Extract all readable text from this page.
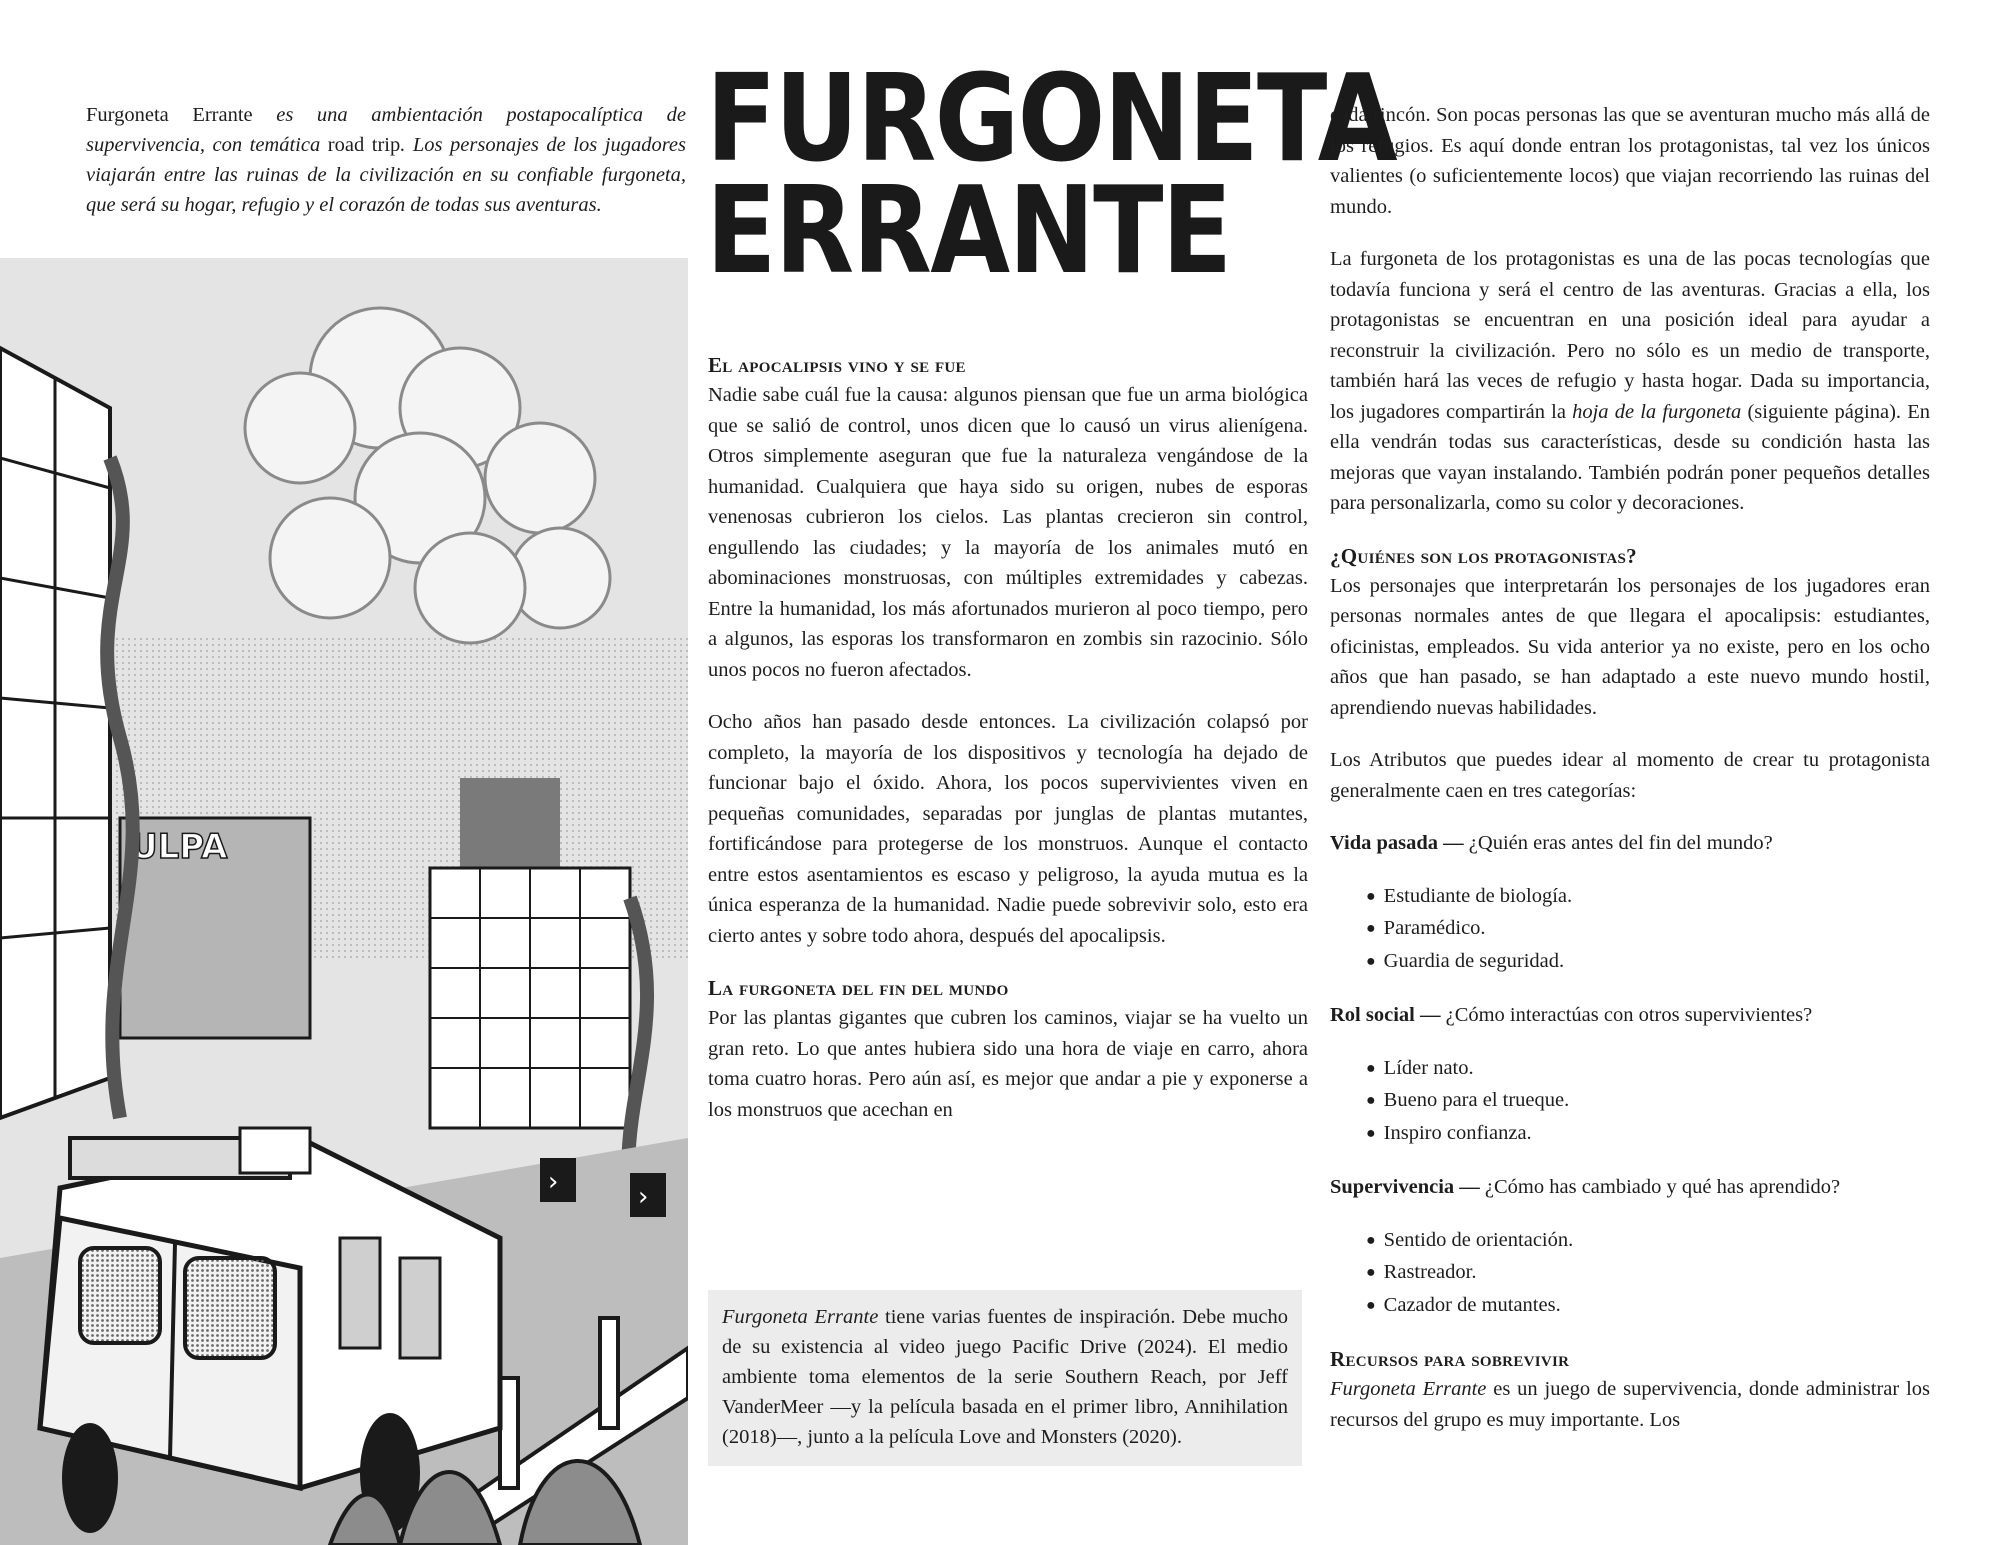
Furgoneta Errante es una ambientación postapocalíptica de supervivencia, con temática road trip. Los personajes de los jugadores viajarán entre las ruinas de la civilización en su confiable furgoneta, que será su hogar, refugio y el corazón de todas sus aventuras.
ULPA
›	›
FURGONETA
ERRANTE
El apocalipsis vino y se fue

Nadie sabe cuál fue la causa: algunos piensan que fue un arma biológica que se salió de control, unos dicen que lo causó un virus alienígena. Otros simplemente aseguran que fue la naturaleza vengándose de la humanidad. Cualquiera que haya sido su origen, nubes de esporas venenosas cubrieron los cielos. Las plantas crecieron sin control, engullendo las ciudades; y la mayoría de los animales mutó en abominaciones monstruosas, con múltiples extremidades y cabezas. Entre la humanidad, los más afortunados murieron al poco tiempo, pero a algunos, las esporas los transformaron en zombis sin razocinio. Sólo unos pocos no fueron afectados.

Ocho años han pasado desde entonces. La civilización colapsó por completo, la mayoría de los dispositivos y tecnología ha dejado de funcionar bajo el óxido. Ahora, los pocos supervivientes viven en pequeñas comunidades, separadas por junglas de plantas mutantes, fortificándose para protegerse de los monstruos. Aunque el contacto entre estos asentamientos es escaso y peligroso, la ayuda mutua es la única esperanza de la humanidad. Nadie puede sobrevivir solo, esto era cierto antes y sobre todo ahora, después del apocalipsis.

La furgoneta del fin del mundo

Por las plantas gigantes que cubren los caminos, viajar se ha vuelto un gran reto. Lo que antes hubiera sido una hora de viaje en carro, ahora toma cuatro horas. Pero aún así, es mejor que andar a pie y exponerse a los monstruos que acechan en

Furgoneta Errante tiene varias fuentes de inspiración. Debe mucho de su existencia al video juego Pacific Drive (2024). El medio ambiente toma elementos de la serie Southern Reach, por Jeff VanderMeer —y la película basada en el primer libro, Annihilation (2018)—, junto a la película Love and Monsters (2020).

cada rincón. Son pocas personas las que se aventuran mucho más allá de los refugios. Es aquí donde entran los protagonistas, tal vez los únicos valientes (o suficientemente locos) que viajan recorriendo las ruinas del mundo.

La furgoneta de los protagonistas es una de las pocas tecnologías que todavía funciona y será el centro de las aventuras. Gracias a ella, los protagonistas se encuentran en una posición ideal para ayudar a reconstruir la civilización. Pero no sólo es un medio de transporte, también hará las veces de refugio y hasta hogar. Dada su importancia, los jugadores compartirán la hoja de la furgoneta (siguiente página). En ella vendrán todas sus características, desde su condición hasta las mejoras que vayan instalando. También podrán poner pequeños detalles para personalizarla, como su color y decoraciones.

¿Quiénes son los protagonistas?

Los personajes que interpretarán los personajes de los jugadores eran personas normales antes de que llegara el apocalipsis: estudiantes, oficinistas, empleados. Su vida anterior ya no existe, pero en los ocho años que han pasado, se han adaptado a este nuevo mundo hostil, aprendiendo nuevas habilidades.

Los Atributos que puedes idear al momento de crear tu protagonista generalmente caen en tres categorías:

Vida pasada — ¿Quién eras antes del fin del mundo?

● Estudiante de biología.
● Paramédico.
● Guardia de seguridad.

Rol social — ¿Cómo interactúas con otros supervivientes?

● Líder nato.
● Bueno para el trueque.
● Inspiro confianza.

Supervivencia — ¿Cómo has cambiado y qué has aprendido?

● Sentido de orientación.
● Rastreador.
● Cazador de mutantes.
Recursos para sobrevivir

Furgoneta Errante es un juego de supervivencia, donde administrar los recursos del grupo es muy importante. Los
